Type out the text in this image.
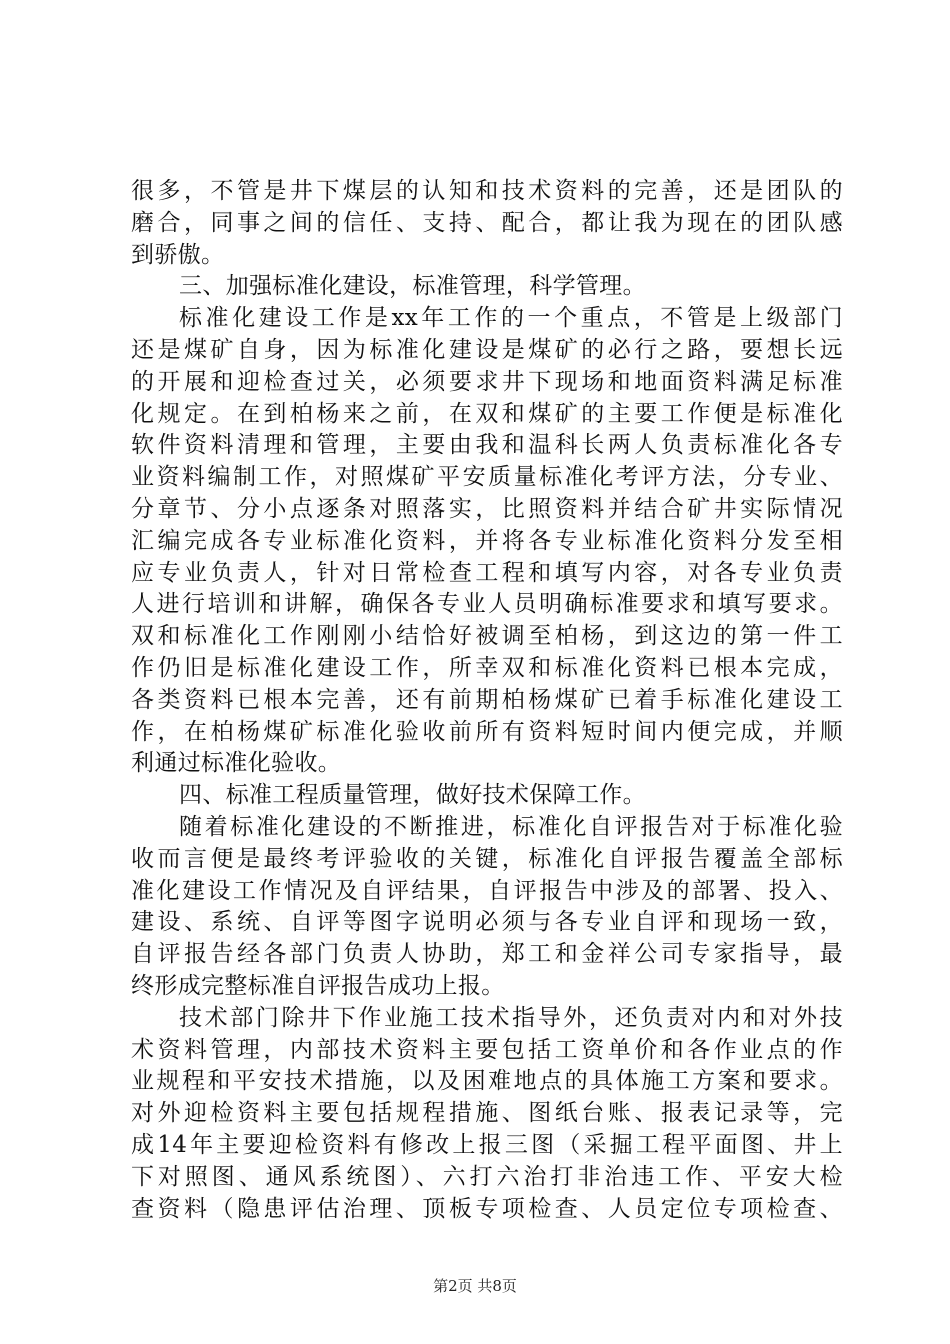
很多，不管是井下煤层的认知和技术资料的完善，还是团队的
磨合，同事之间的信任、支持、配合，都让我为现在的团队感
到骄傲。
三、加强标准化建设，标准管理，科学管理。
标准化建设工作是xx年工作的一个重点，不管是上级部门
还是煤矿自身，因为标准化建设是煤矿的必行之路，要想长远
的开展和迎检查过关，必须要求井下现场和地面资料满足标准
化规定。在到柏杨来之前，在双和煤矿的主要工作便是标准化
软件资料清理和管理，主要由我和温科长两人负责标准化各专
业资料编制工作，对照煤矿平安质量标准化考评方法，分专业、
分章节、分小点逐条对照落实，比照资料并结合矿井实际情况
汇编完成各专业标准化资料，并将各专业标准化资料分发至相
应专业负责人，针对日常检查工程和填写内容，对各专业负责
人进行培训和讲解，确保各专业人员明确标准要求和填写要求。
双和标准化工作刚刚小结恰好被调至柏杨，到这边的第一件工
作仍旧是标准化建设工作，所幸双和标准化资料已根本完成，
各类资料已根本完善，还有前期柏杨煤矿已着手标准化建设工
作，在柏杨煤矿标准化验收前所有资料短时间内便完成，并顺
利通过标准化验收。
四、标准工程质量管理，做好技术保障工作。
随着标准化建设的不断推进，标准化自评报告对于标准化验
收而言便是最终考评验收的关键，标准化自评报告覆盖全部标
准化建设工作情况及自评结果，自评报告中涉及的部署、投入、
建设、系统、自评等图字说明必须与各专业自评和现场一致，
自评报告经各部门负责人协助，郑工和金祥公司专家指导，最
终形成完整标准自评报告成功上报。
技术部门除井下作业施工技术指导外，还负责对内和对外技
术资料管理，内部技术资料主要包括工资单价和各作业点的作
业规程和平安技术措施，以及困难地点的具体施工方案和要求。
对外迎检资料主要包括规程措施、图纸台账、报表记录等，完
成14年主要迎检资料有修改上报三图（采掘工程平面图、井上
下对照图、通风系统图）、六打六治打非治违工作、平安大检
查资料（隐患评估治理、顶板专项检查、人员定位专项检查、
第2页 共8页
